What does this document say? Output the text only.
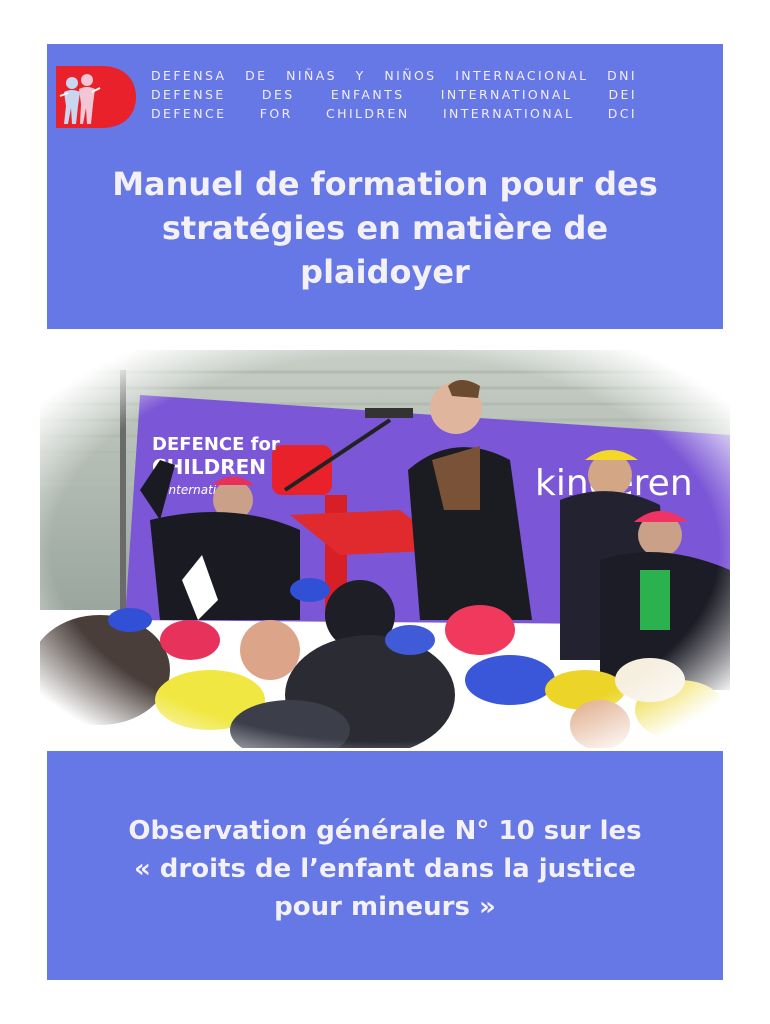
DEFENSA DE NIÑAS Y NIÑOS INTERNACIONAL DNI
DEFENSE	DES	ENFANTS	INTERNATIONAL	DEI
DEFENCE	FOR	CHILDREN	INTERNATIONAL	DCI
Manuel de formation pour des
stratégies en matière de
plaidoyer
Observation générale N° 10 sur les
« droits de l’enfant dans la justice
pour mineurs »
